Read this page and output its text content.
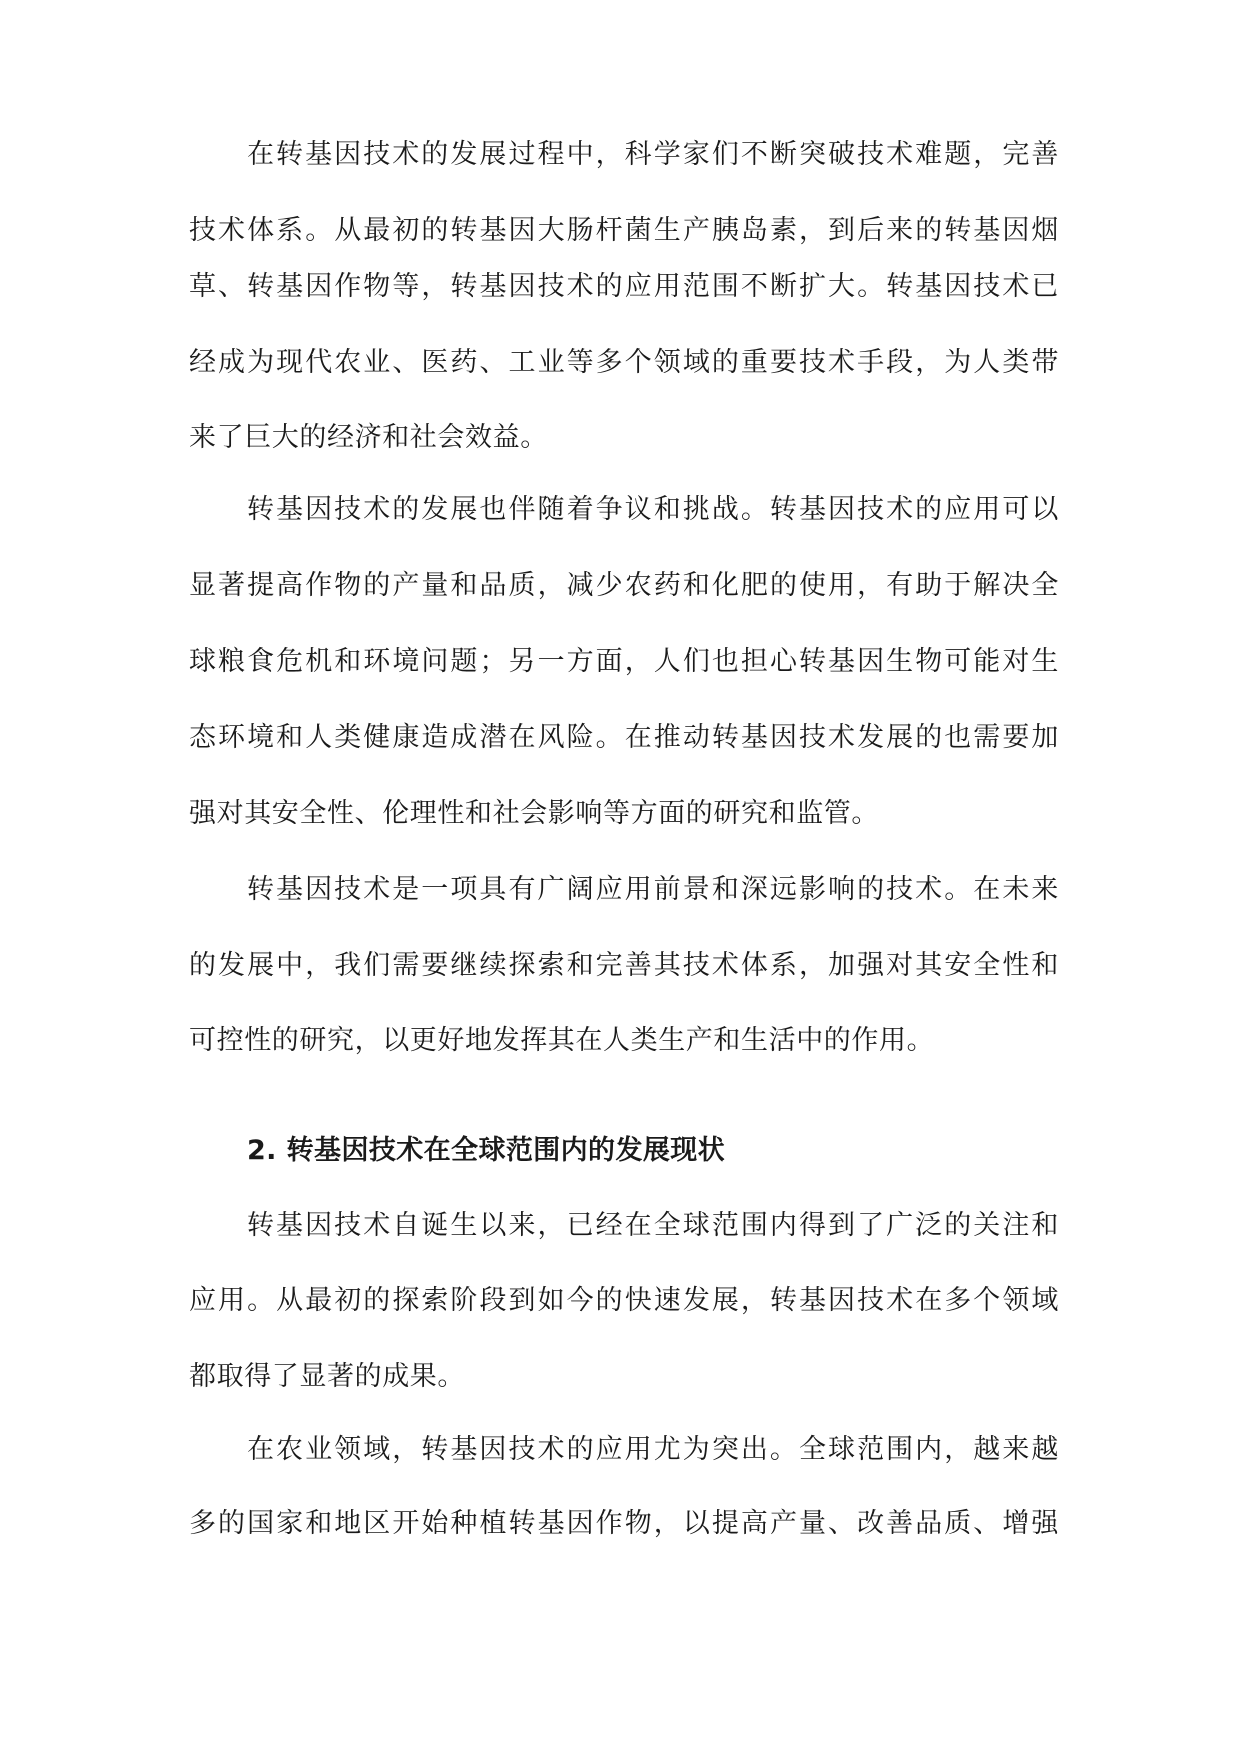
在转基因技术的发展过程中，科学家们不断突破技术难题，完善
技术体系。从最初的转基因大肠杆菌生产胰岛素，到后来的转基因烟
草、转基因作物等，转基因技术的应用范围不断扩大。转基因技术已
经成为现代农业、医药、工业等多个领域的重要技术手段，为人类带
来了巨大的经济和社会效益。
转基因技术的发展也伴随着争议和挑战。转基因技术的应用可以
显著提高作物的产量和品质，减少农药和化肥的使用，有助于解决全
球粮食危机和环境问题；另一方面，人们也担心转基因生物可能对生
态环境和人类健康造成潜在风险。在推动转基因技术发展的也需要加
强对其安全性、伦理性和社会影响等方面的研究和监管。
转基因技术是一项具有广阔应用前景和深远影响的技术。在未来
的发展中，我们需要继续探索和完善其技术体系，加强对其安全性和
可控性的研究，以更好地发挥其在人类生产和生活中的作用。
2. 转基因技术在全球范围内的发展现状
转基因技术自诞生以来，已经在全球范围内得到了广泛的关注和
应用。从最初的探索阶段到如今的快速发展，转基因技术在多个领域
都取得了显著的成果。
在农业领域，转基因技术的应用尤为突出。全球范围内，越来越
多的国家和地区开始种植转基因作物，以提高产量、改善品质、增强
